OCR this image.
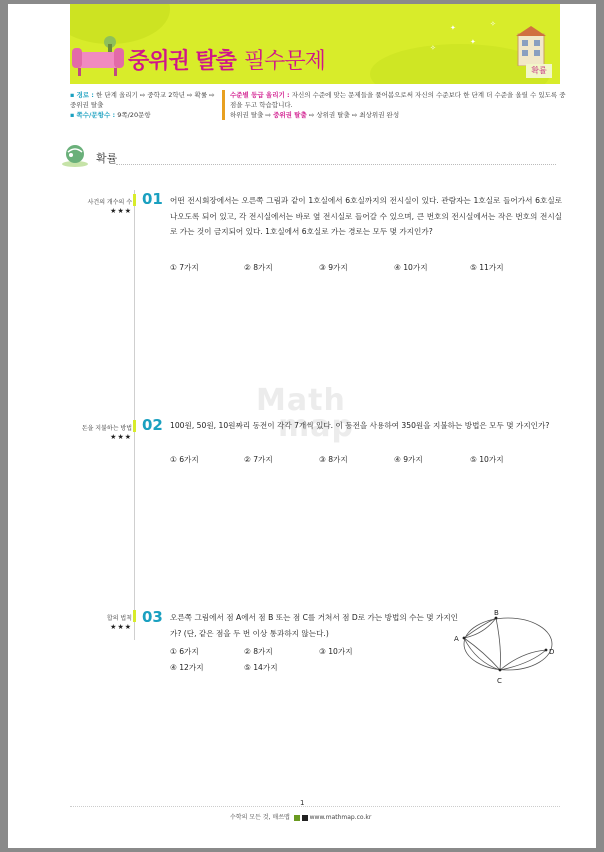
중위권 탈출 필수문제
✦
✦
✧
✧
확률
▪ 경로 : 한 단계 올리기 ⇨ 중학교 2학년 ⇨ 확률 ⇨ 중위권 탈출
▪ 쪽수/문항수 : 9쪽/20문항
수준별 등급 올리기 : 자신의 수준에 맞는 문제들을 풀어봄으로써 자신의 수준보다 한 단계 더 수준을 올릴 수 있도록 중점을 두고 학습합니다.
하위권 탈출 ⇨ 중위권 탈출 ⇨ 상위권 탈출 ⇨ 최상위권 완성
확률
Math
map
사건의 개수의 수
★★★
01 어떤 전시회장에서는 오른쪽 그림과 같이 1호실에서 6호실까지의 전시실이 있다. 관람자는 1호실로 들어가서 6호실로 나오도록 되어 있고, 각 전시실에서는 바로 옆 전시실로 들어갈 수 있으며, 큰 번호의 전시실에서는 작은 번호의 전시실로 가는 것이 금지되어 있다. 1호실에서 6호실로 가는 경로는 모두 몇 가지인가?
① 7가지	② 8가지	③ 9가지	④ 10가지	⑤ 11가지
돈을 지불하는 방법
★★★
02 100원, 50원, 10원짜리 동전이 각각 7개씩 있다. 이 동전을 사용하여 350원을 지불하는 방법은 모두 몇 가지인가?
① 6가지	② 7가지	③ 8가지	④ 9가지	⑤ 10가지
합의 법칙
★★★
03 오른쪽 그림에서 점 A에서 점 B 또는 점 C를 거쳐서 점 D로 가는 방법의 수는 몇 가지인가? (단, 같은 점을 두 번 이상 통과하지 않는다.)
① 6가지	② 8가지	③ 10가지
④ 12가지	⑤ 14가지
A
B
C
D
1
수학의 모든 것, 매쓰맵	www.mathmap.co.kr
